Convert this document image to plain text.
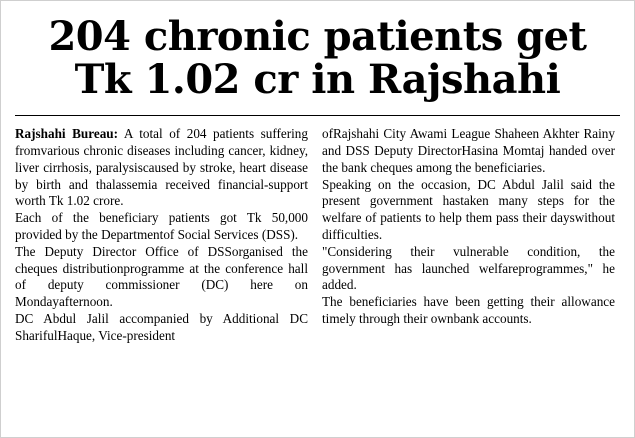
204 chronic patients get
Tk 1.02 cr in Rajshahi

Rajshahi Bureau: A total of 204 patients suffering fromvarious chronic diseases including cancer, kidney, liver cirrhosis, paralysiscaused by stroke, heart disease by birth and thalassemia received financial-support worth Tk 1.02 crore.

Each of the beneficiary patients got Tk 50,000 provided by the Departmentof Social Services (DSS).

The Deputy Director Office of DSSorganised the cheques distributionprogramme at the conference hall of deputy commissioner (DC) here on Mondayafternoon.

DC Abdul Jalil accompanied by Additional DC SharifulHaque, Vice-president

ofRajshahi City Awami League Shaheen Akhter Rainy and DSS Deputy DirectorHasina Momtaj handed over the bank cheques among the beneficiaries.

Speaking on the occasion, DC Abdul Jalil said the present government hastaken many steps for the welfare of patients to help them pass their dayswithout difficulties.

"Considering their vulnerable condition, the government has launched welfareprogrammes," he added.

The beneficiaries have been getting their allowance timely through their ownbank accounts.
